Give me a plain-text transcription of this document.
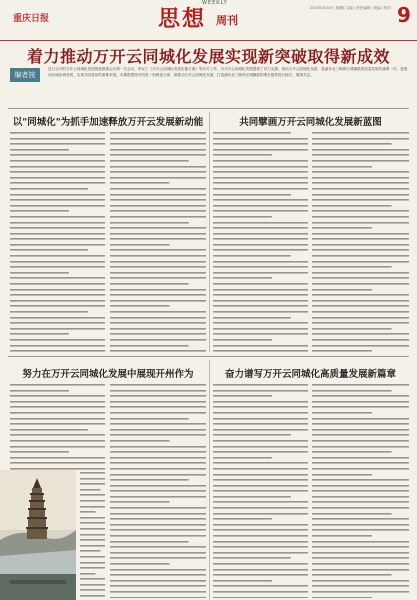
重庆日报
WEEKLY
思想 周刊
2023年X月X日 星期X 主编 / 责任编辑 / 美编 / 校对 9
着力推动万开云同城化发展实现新突破取得新成效
编者按
近日召开的万开云同城化发展推进联席会议第一次会议，审议了《万开云同城化发展实施方案》等各方工作，为万开云同城化发展提供了有力支撑。推动万开云同城化发展，是渝东北三峡库区城镇群高质量发展的重要一环，是推动区域协调发展、实现共同富裕的重要举措。本期思想周刊刊发一组理论文章，就推动万开云同城化发展、打造渝东北三峡库区城镇群的增长极等进行探讨，敬请关注。
以"同城化"为抓手加速释放万开云发展新动能	共同擘画万开云同城化发展新蓝图
努力在万开云同城化发展中展现开州作为	奋力谱写万开云同城化高质量发展新篇章
